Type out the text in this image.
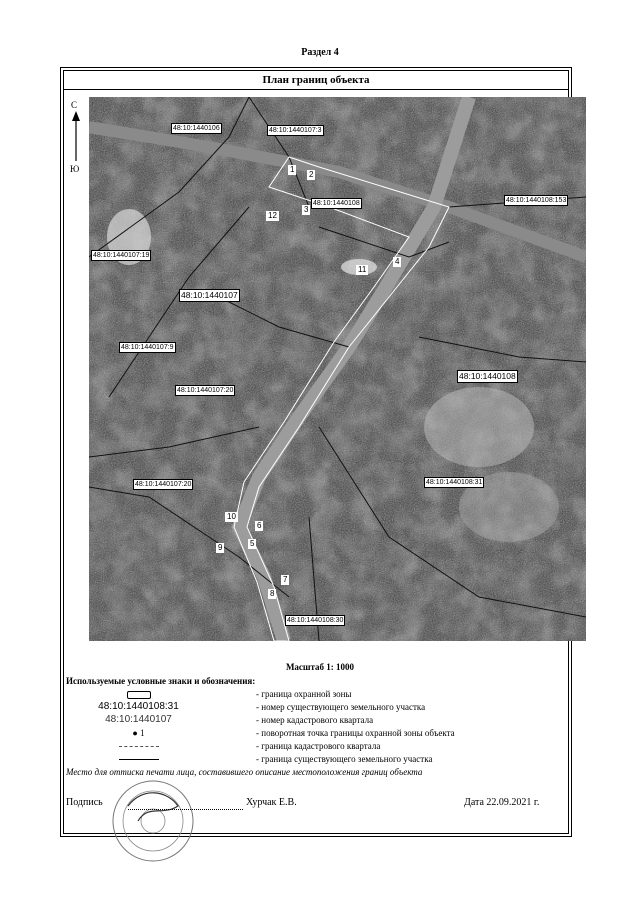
Раздел 4
План границ объекта
С
Ю
48:10:1440106	48:10:1440107:3
48:10:1440107:19
48:10:1440107
48:10:1440107:9
48:10:1440107:20
48:10:1440107:20
48:10:1440108:153
48:10:1440108
48:10:1440108:31
48:10:1440108:30
48:10:1440108
1
2
3
4
5
6
7
8
9
10
11
12
Масштаб 1: 1000
Используемые условные знаки и обозначения:
- граница охранной зоны
48:10:1440108:31	- номер существующего земельного участка
48:10:1440107	- номер кадастрового квартала
● 1	- поворотная точка границы охранной зоны объекта
- граница кадастрового квартала
- граница существующего земельного участка
Место для оттиска печати лица, составившего описание местоположения границ объекта
Подпись	Хурчак Е.В.	Дата 22.09.2021 г.
